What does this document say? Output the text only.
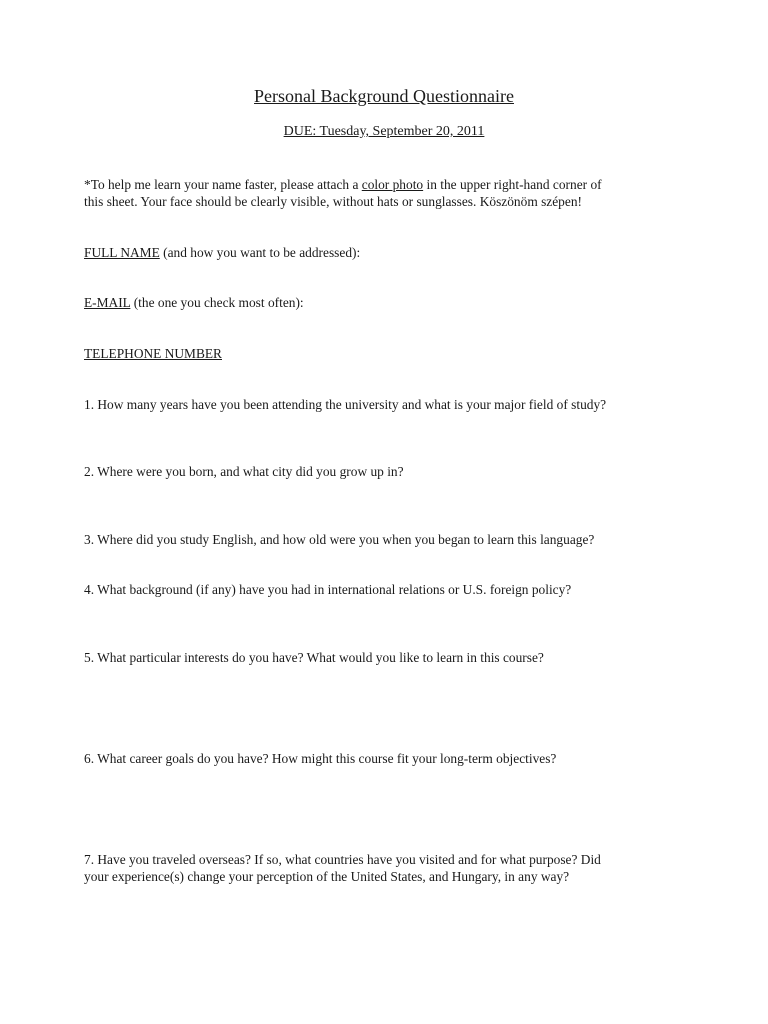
Personal Background Questionnaire
DUE: Tuesday, September 20, 2011
*To help me learn your name faster, please attach a color photo in the upper right-hand corner of
this sheet. Your face should be clearly visible, without hats or sunglasses. Köszönöm szépen!
FULL NAME (and how you want to be addressed):
E-MAIL (the one you check most often):
TELEPHONE NUMBER
1. How many years have you been attending the university and what is your major field of study?
2. Where were you born, and what city did you grow up in?
3. Where did you study English, and how old were you when you began to learn this language?
4. What background (if any) have you had in international relations or U.S. foreign policy?
5. What particular interests do you have? What would you like to learn in this course?
6. What career goals do you have? How might this course fit your long-term objectives?
7. Have you traveled overseas? If so, what countries have you visited and for what purpose? Did
your experience(s) change your perception of the United States, and Hungary, in any way?
